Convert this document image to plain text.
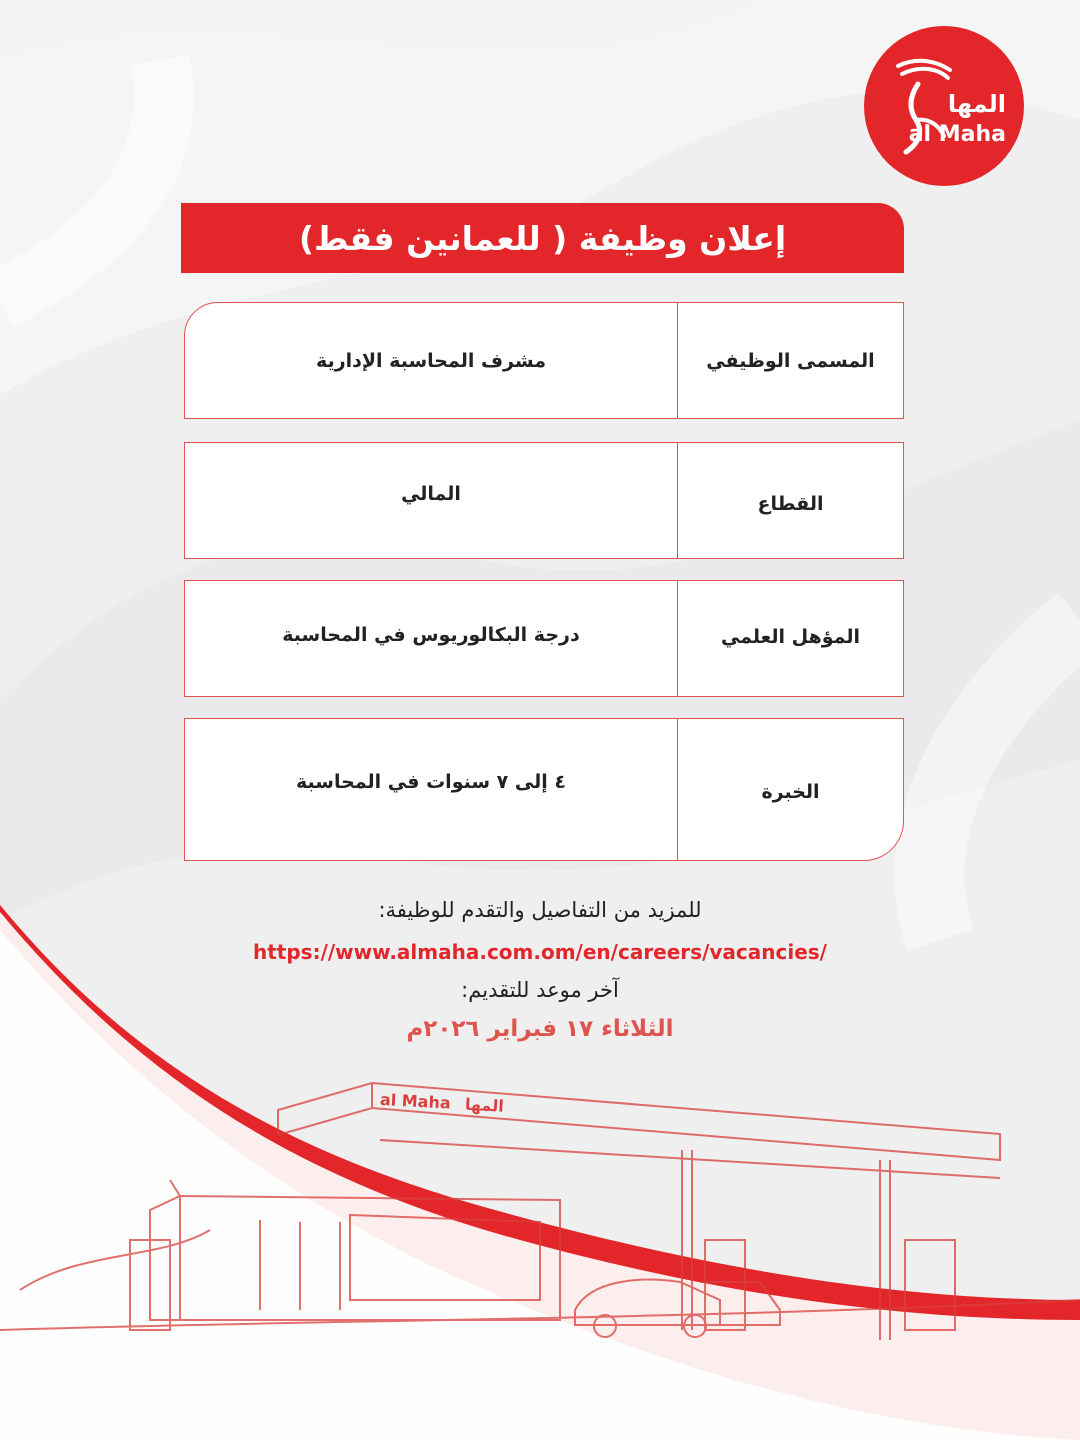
المها
al Maha
إعلان وظيفة ( للعمانين فقط)
المسمى الوظيفي
مشرف المحاسبة الإدارية
القطاع
المالي
المؤهل العلمي
درجة البكالوريوس في المحاسبة
الخبرة
٤ إلى ٧ سنوات في المحاسبة
للمزيد من التفاصيل والتقدم للوظيفة:
https://www.almaha.com.om/en/careers/vacancies/
آخر موعد للتقديم:
الثلاثاء ١٧ فبراير ٢٠٢٦م
al Maha المها
